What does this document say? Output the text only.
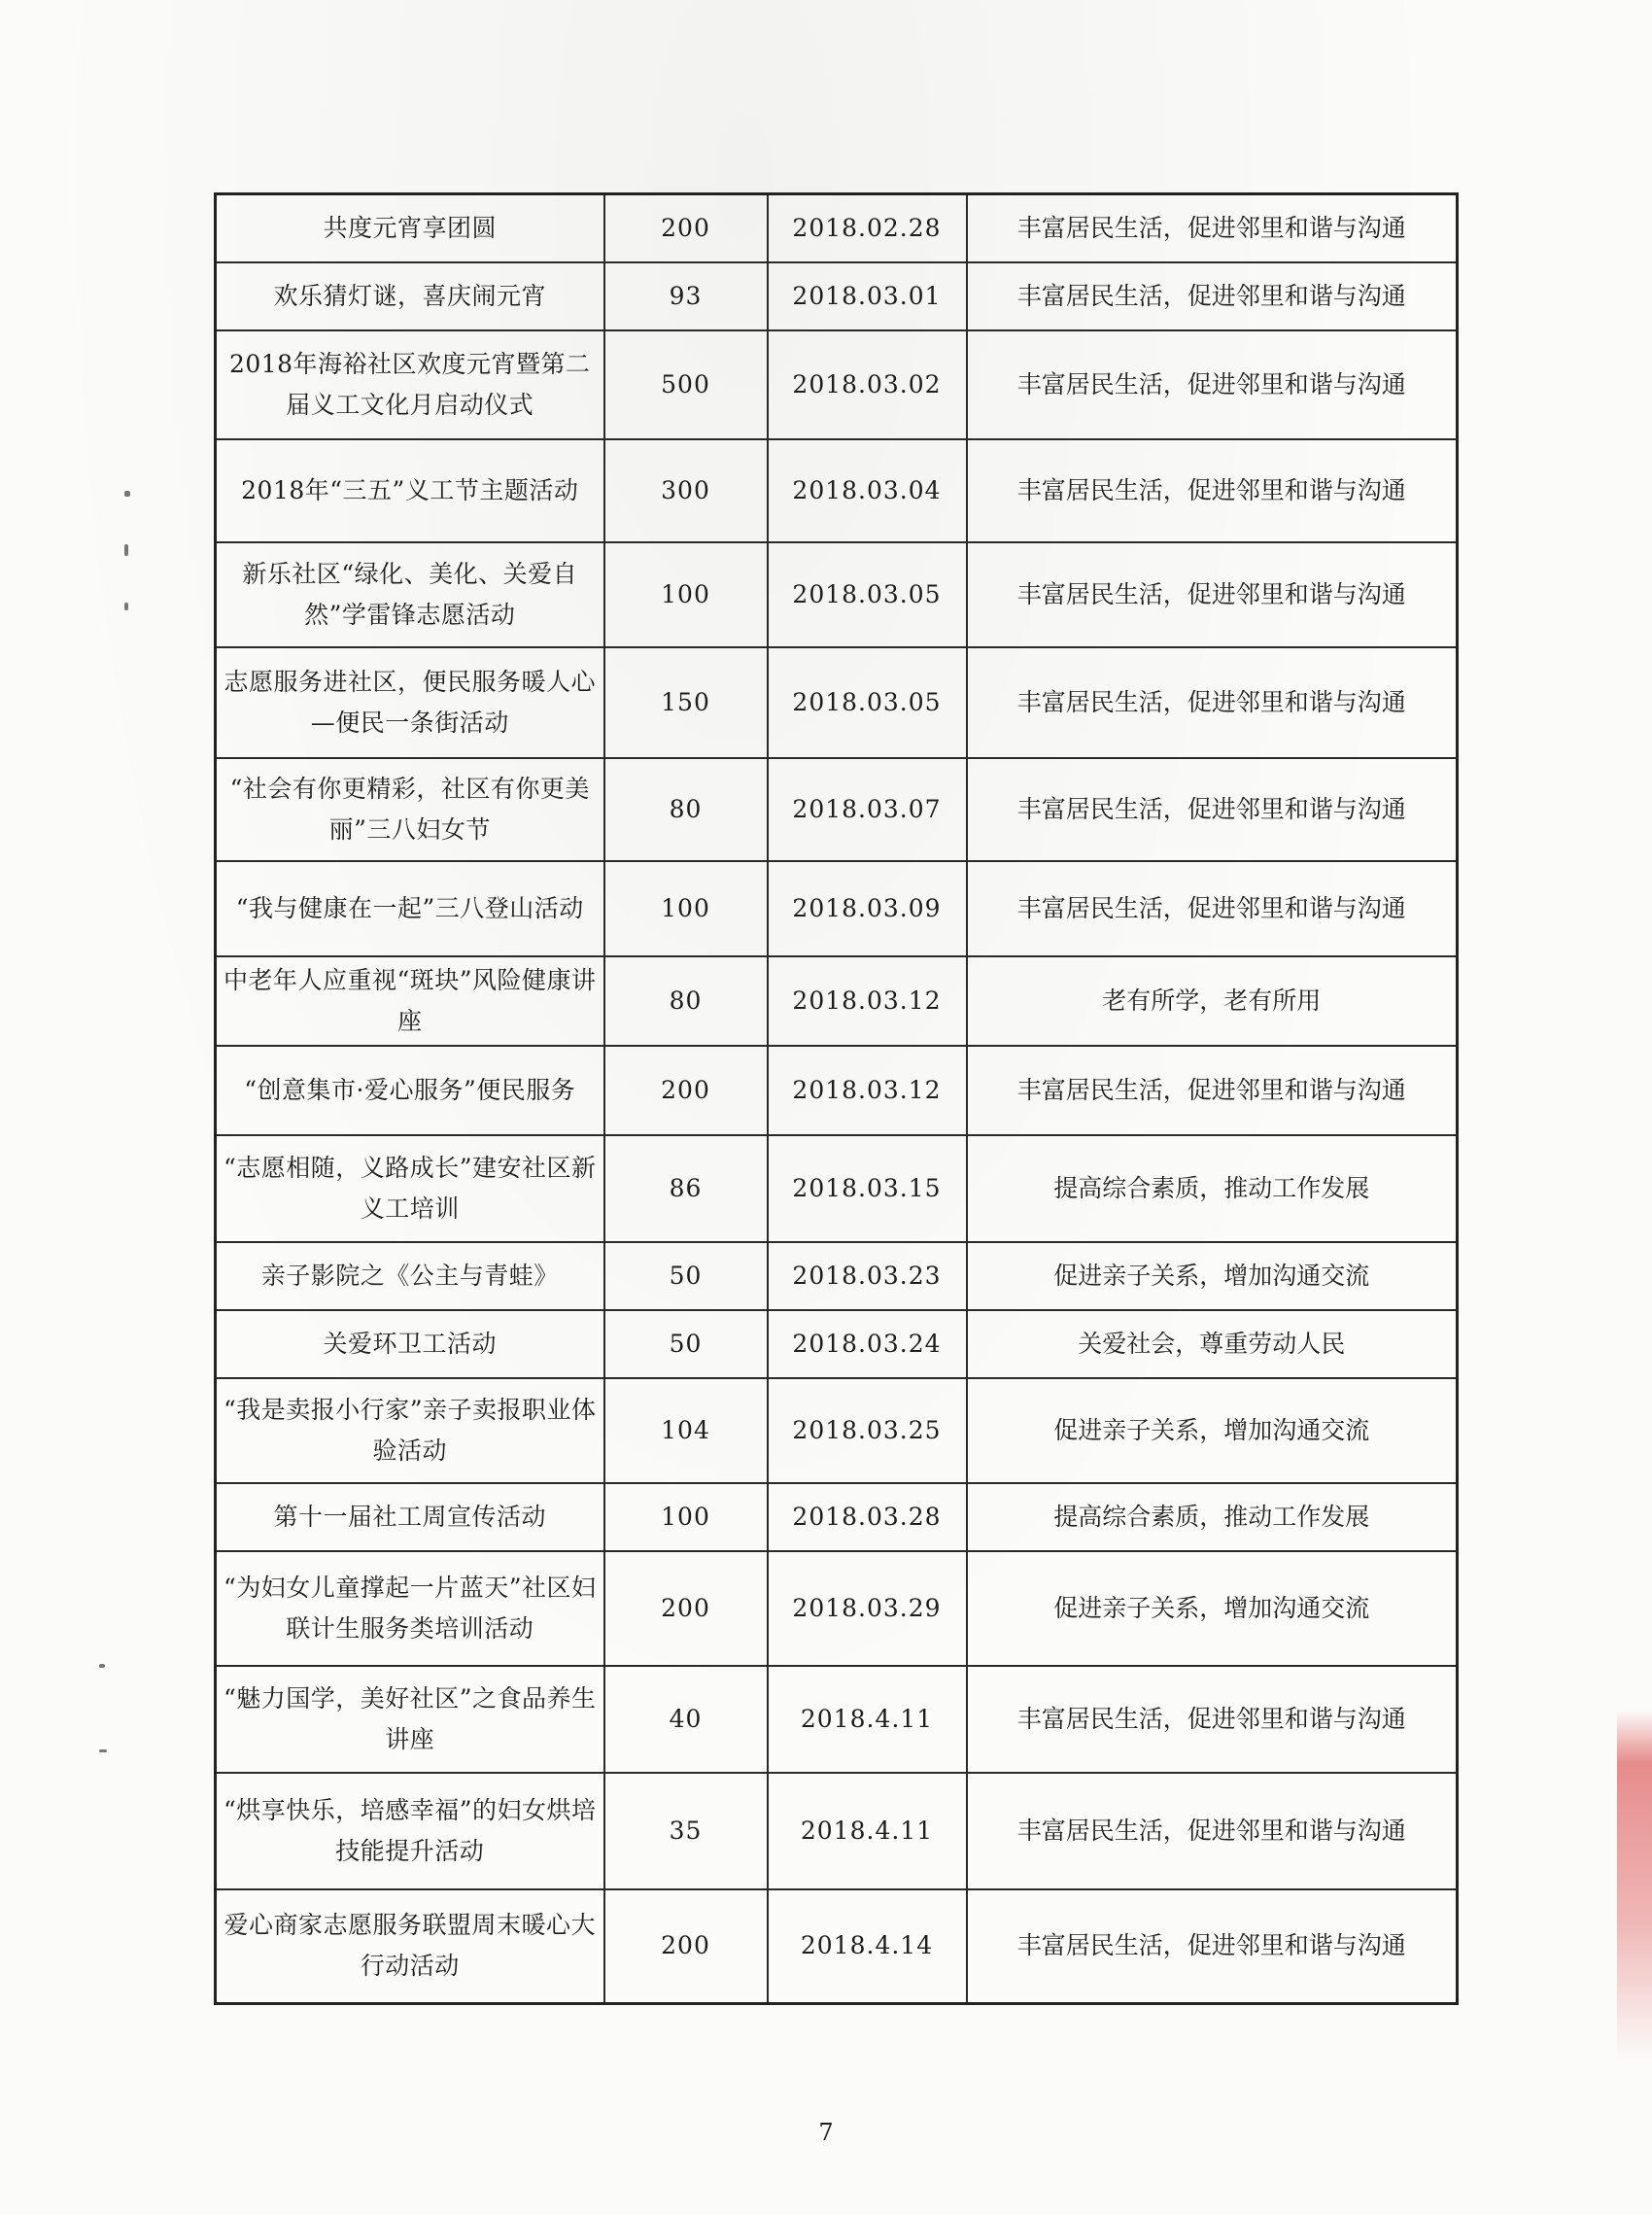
共度元宵享团圆	200	2018.02.28	丰富居民生活，促进邻里和谐与沟通
欢乐猜灯谜，喜庆闹元宵	93	2018.03.01	丰富居民生活，促进邻里和谐与沟通
2018年海裕社区欢度元宵暨第二届义工文化月启动仪式	500	2018.03.02	丰富居民生活，促进邻里和谐与沟通
2018年“三五”义工节主题活动	300	2018.03.04	丰富居民生活，促进邻里和谐与沟通
新乐社区“绿化、美化、关爱自然”学雷锋志愿活动	100	2018.03.05	丰富居民生活，促进邻里和谐与沟通
志愿服务进社区，便民服务暖人心—便民一条街活动	150	2018.03.05	丰富居民生活，促进邻里和谐与沟通
“社会有你更精彩，社区有你更美丽”三八妇女节	80	2018.03.07	丰富居民生活，促进邻里和谐与沟通
“我与健康在一起”三八登山活动	100	2018.03.09	丰富居民生活，促进邻里和谐与沟通
中老年人应重视“斑块”风险健康讲座	80	2018.03.12	老有所学，老有所用
“创意集市·爱心服务”便民服务	200	2018.03.12	丰富居民生活，促进邻里和谐与沟通
“志愿相随，义路成长”建安社区新义工培训	86	2018.03.15	提高综合素质，推动工作发展
亲子影院之《公主与青蛙》	50	2018.03.23	促进亲子关系，增加沟通交流
关爱环卫工活动	50	2018.03.24	关爱社会，尊重劳动人民
“我是卖报小行家”亲子卖报职业体验活动	104	2018.03.25	促进亲子关系，增加沟通交流
第十一届社工周宣传活动	100	2018.03.28	提高综合素质，推动工作发展
“为妇女儿童撑起一片蓝天”社区妇联计生服务类培训活动	200	2018.03.29	促进亲子关系，增加沟通交流
“魅力国学，美好社区”之食品养生讲座	40	2018.4.11	丰富居民生活，促进邻里和谐与沟通
“烘享快乐，培感幸福”的妇女烘培技能提升活动	35	2018.4.11	丰富居民生活，促进邻里和谐与沟通
爱心商家志愿服务联盟周末暖心大行动活动	200	2018.4.14	丰富居民生活，促进邻里和谐与沟通
7
